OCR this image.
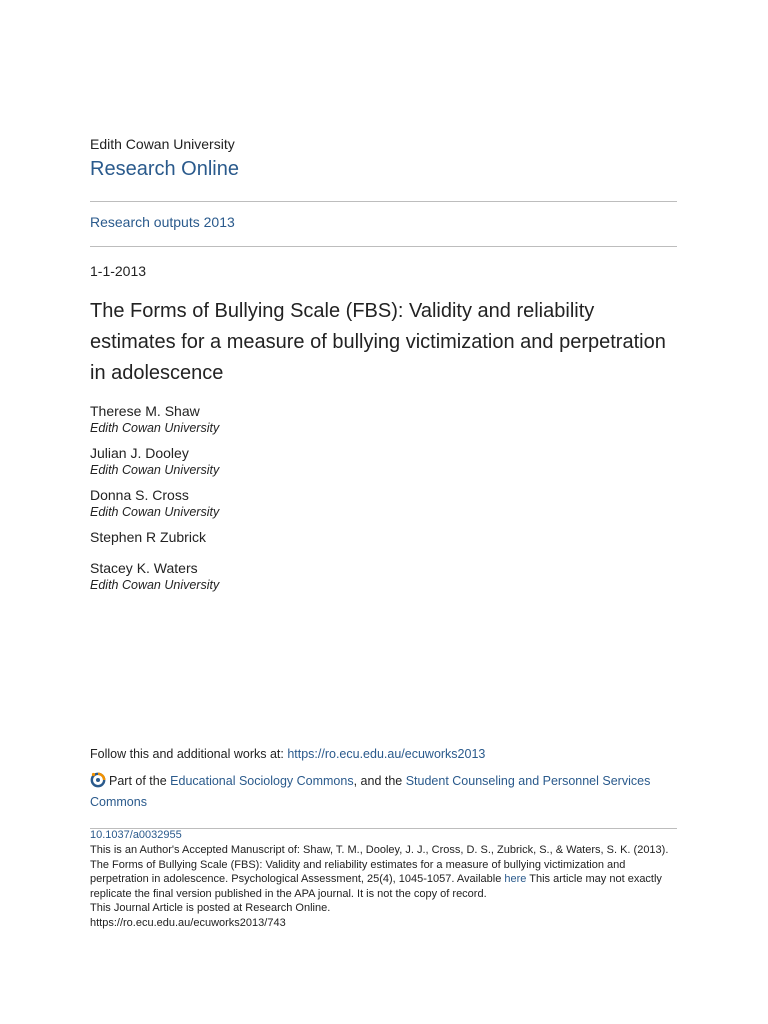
Edith Cowan University
Research Online
Research outputs 2013
1-1-2013
The Forms of Bullying Scale (FBS): Validity and reliability estimates for a measure of bullying victimization and perpetration in adolescence
Therese M. Shaw
Edith Cowan University
Julian J. Dooley
Edith Cowan University
Donna S. Cross
Edith Cowan University
Stephen R Zubrick
Stacey K. Waters
Edith Cowan University
Follow this and additional works at: https://ro.ecu.edu.au/ecuworks2013
Part of the Educational Sociology Commons, and the Student Counseling and Personnel Services Commons
10.1037/a0032955
This is an Author's Accepted Manuscript of: Shaw, T. M., Dooley, J. J., Cross, D. S., Zubrick, S., & Waters, S. K. (2013). The Forms of Bullying Scale (FBS): Validity and reliability estimates for a measure of bullying victimization and perpetration in adolescence. Psychological Assessment, 25(4), 1045-1057. Available here This article may not exactly replicate the final version published in the APA journal. It is not the copy of record.
This Journal Article is posted at Research Online.
https://ro.ecu.edu.au/ecuworks2013/743
